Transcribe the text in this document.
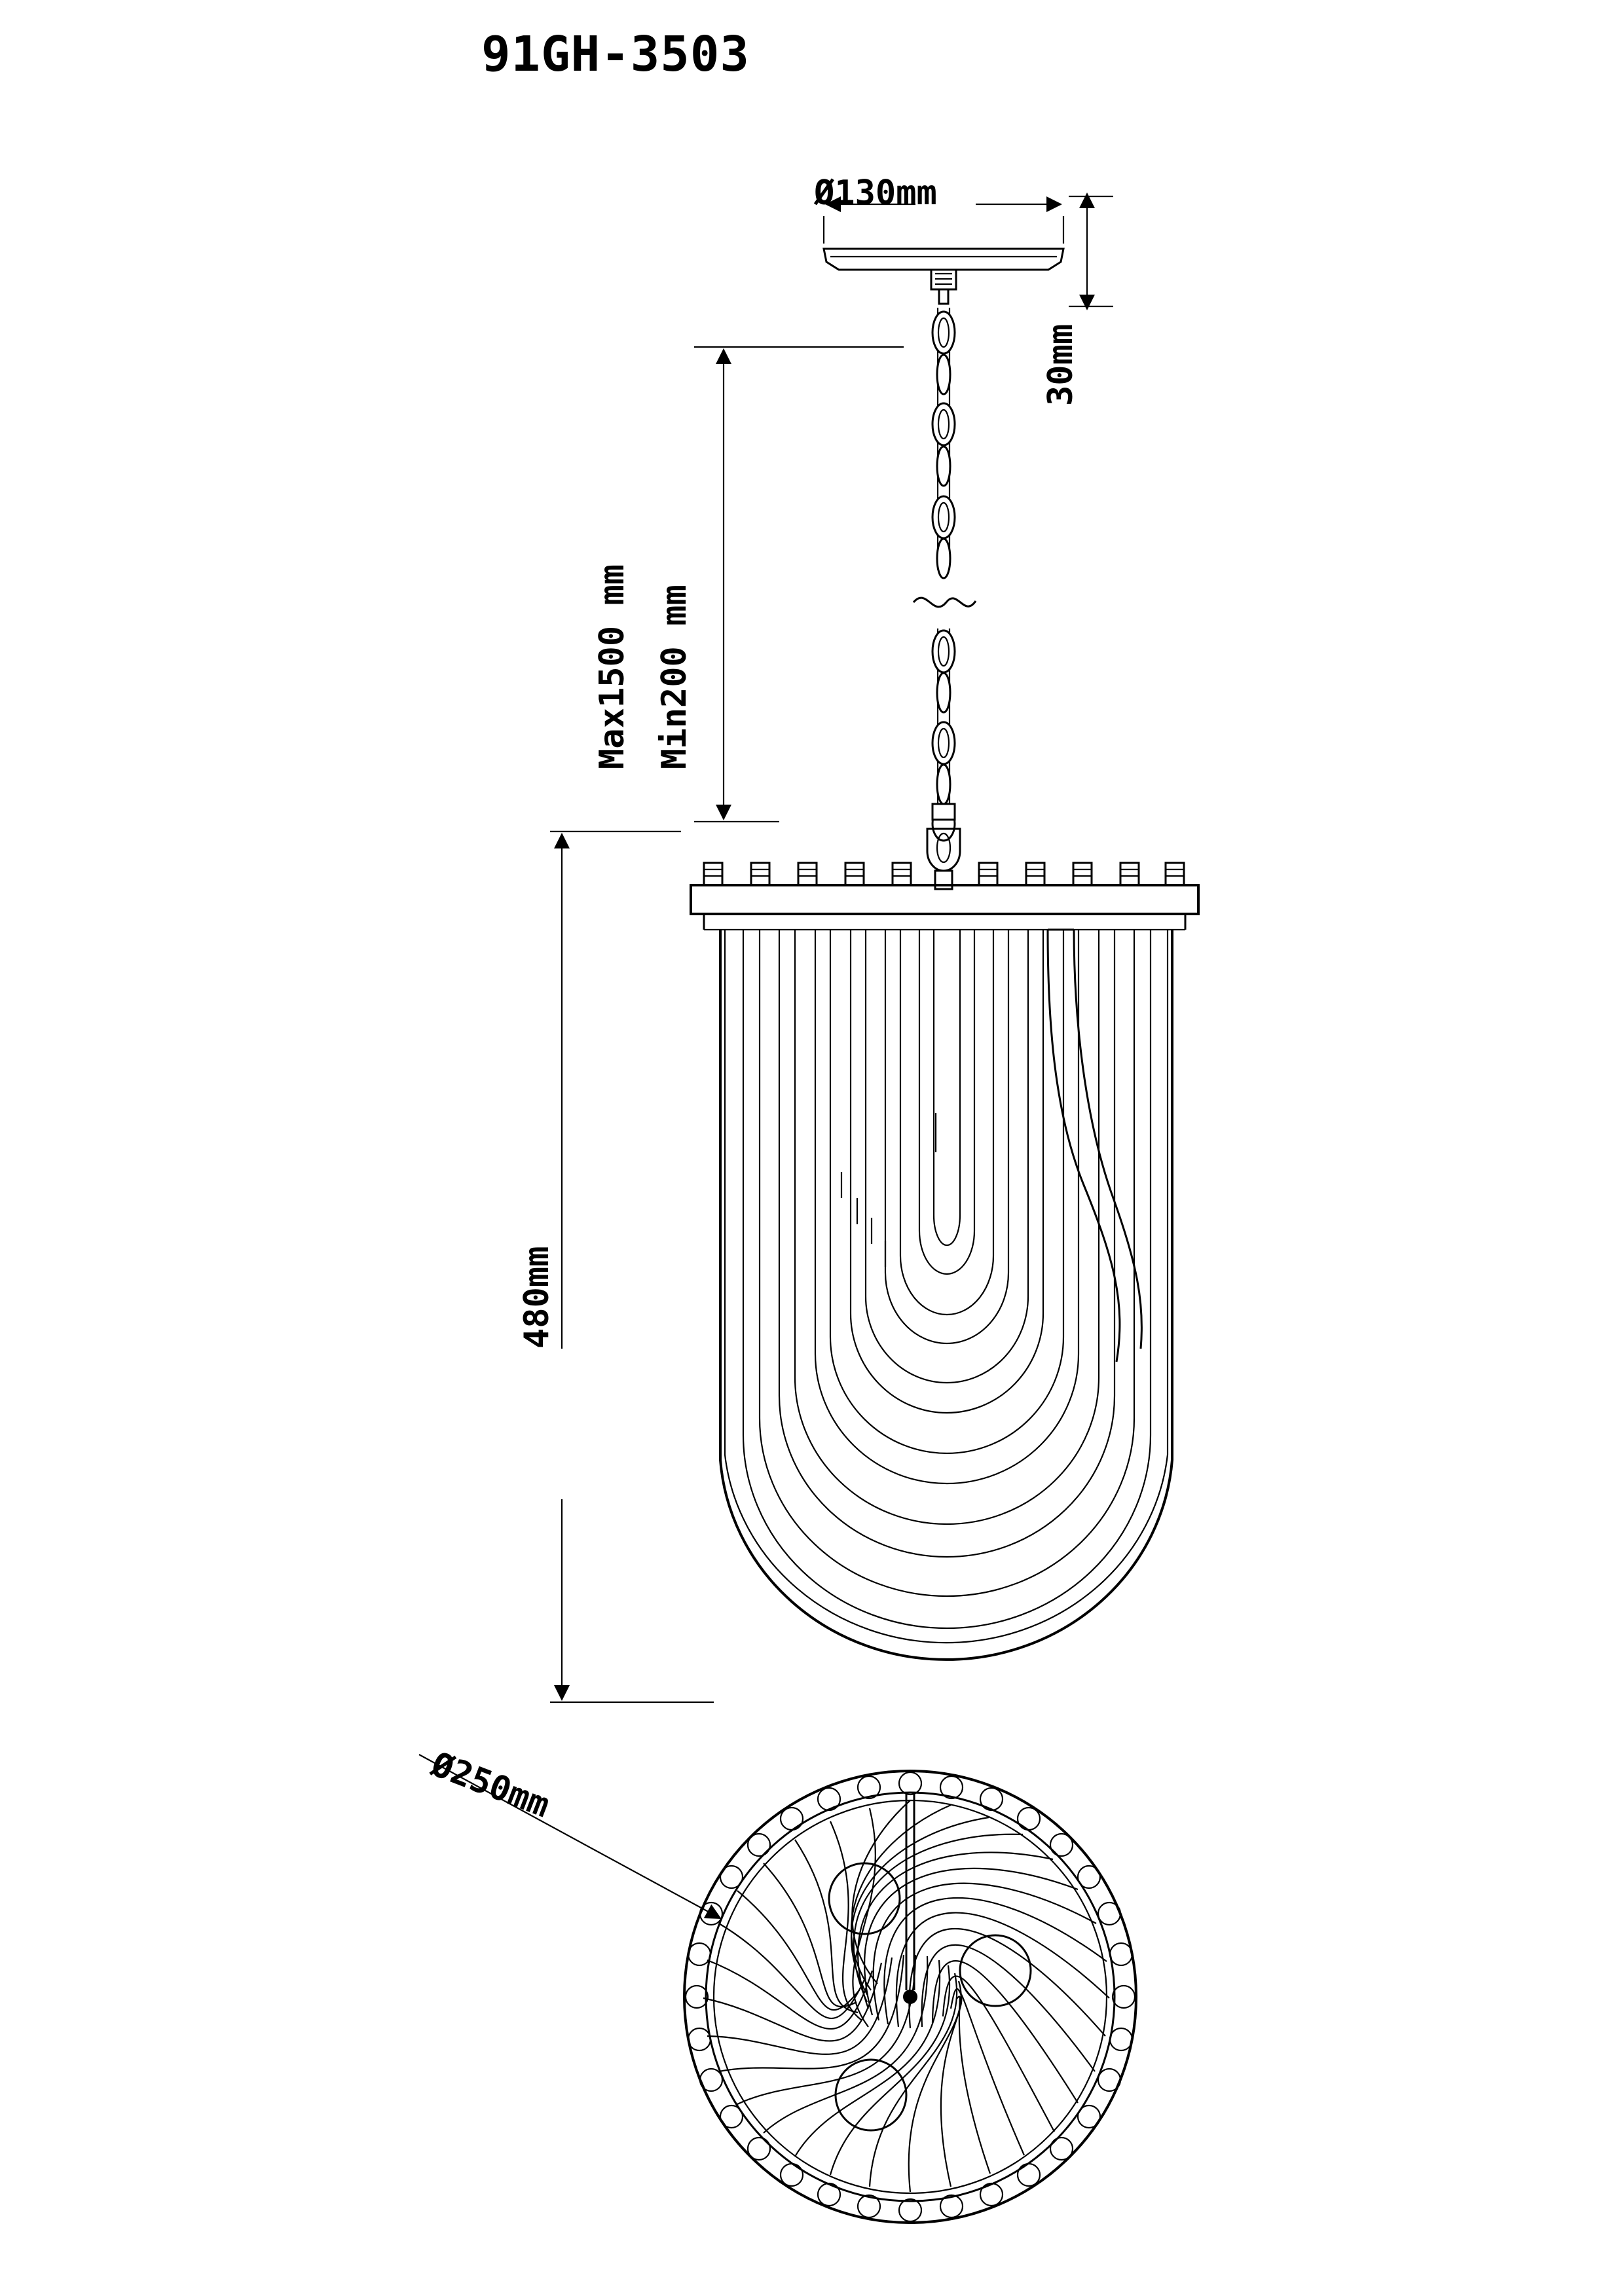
91GH-3503
Ø130mm
30mm
Max1500 mm Min200 mm
480mm
Ø250mm
